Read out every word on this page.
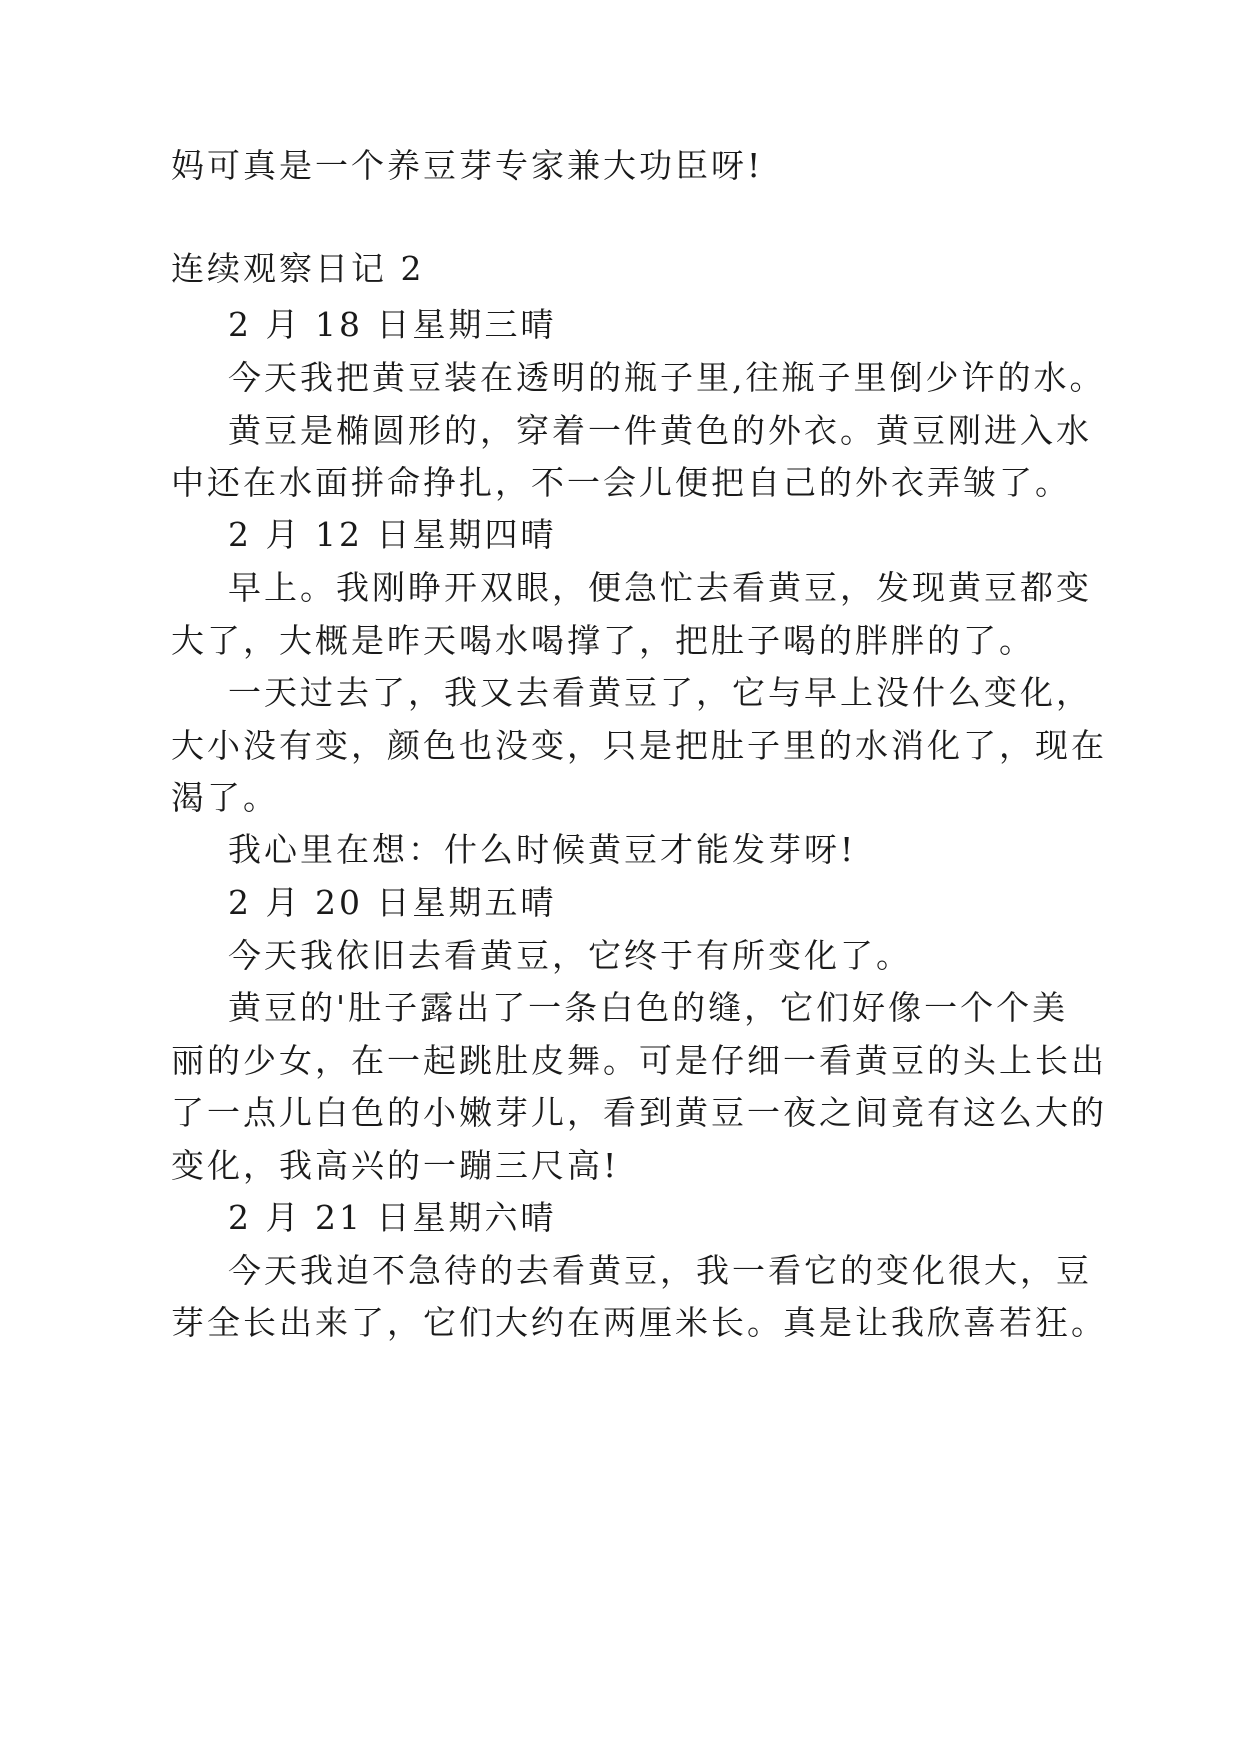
妈可真是一个养豆芽专家兼大功臣呀!
连续观察日记 2
2 月 18 日星期三晴
今天我把黄豆装在透明的瓶子里,往瓶子里倒少许的水。
黄豆是椭圆形的，穿着一件黄色的外衣。黄豆刚进入水
中还在水面拼命挣扎，不一会儿便把自己的外衣弄皱了。
2 月 12 日星期四晴
早上。我刚睁开双眼，便急忙去看黄豆，发现黄豆都变
大了，大概是昨天喝水喝撑了，把肚子喝的胖胖的了。
一天过去了，我又去看黄豆了，它与早上没什么变化，
大小没有变，颜色也没变，只是把肚子里的水消化了，现在
渴了。
我心里在想：什么时候黄豆才能发芽呀!
2 月 20 日星期五晴
今天我依旧去看黄豆，它终于有所变化了。
黄豆的'肚子露出了一条白色的缝，它们好像一个个美
丽的少女，在一起跳肚皮舞。可是仔细一看黄豆的头上长出
了一点儿白色的小嫩芽儿，看到黄豆一夜之间竟有这么大的
变化，我高兴的一蹦三尺高!
2 月 21 日星期六晴
今天我迫不急待的去看黄豆，我一看它的变化很大，豆
芽全长出来了，它们大约在两厘米长。真是让我欣喜若狂。
